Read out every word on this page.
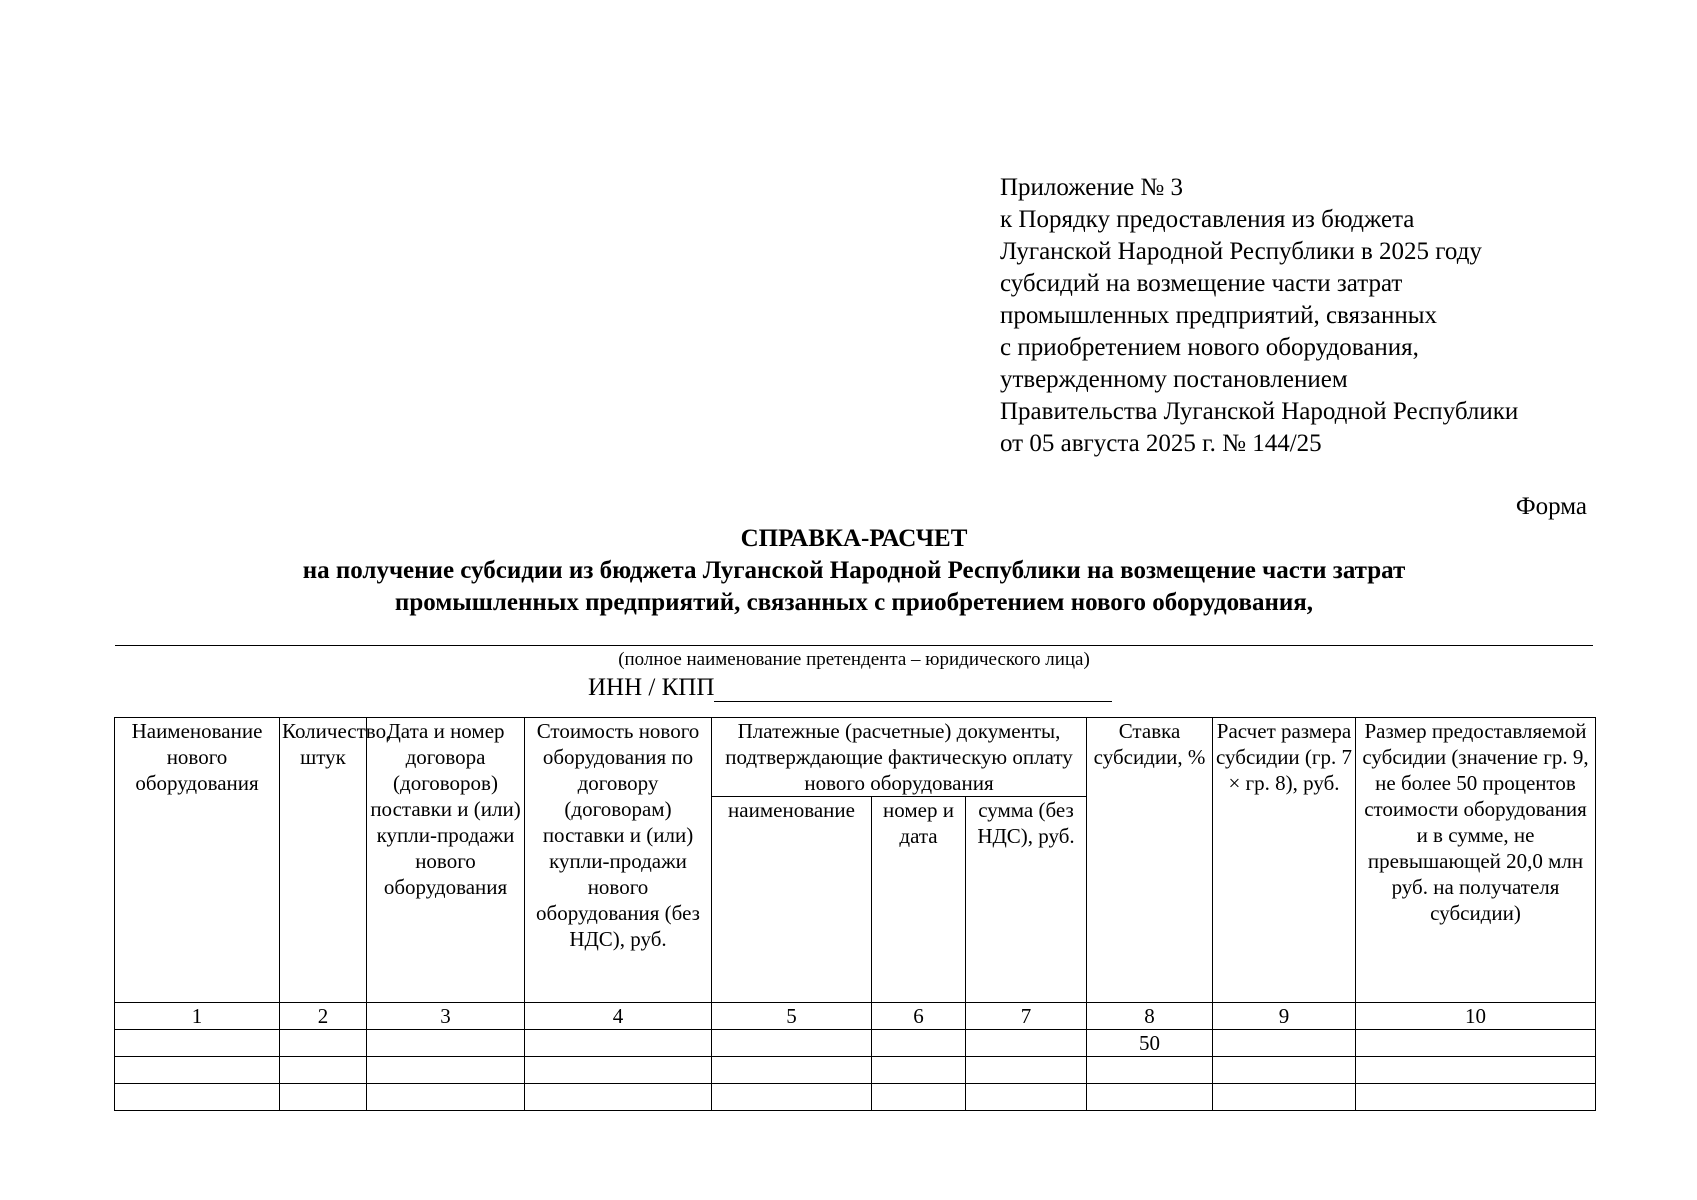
Приложение № 3
к Порядку предоставления из бюджета
Луганской Народной Республики в 2025 году
субсидий на возмещение части затрат
промышленных предприятий, связанных
с приобретением нового оборудования,
утвержденному постановлением
Правительства Луганской Народной Республики
от 05 августа 2025 г. № 144/25
Форма
СПРАВКА-РАСЧЕТ
на получение субсидии из бюджета Луганской Народной Республики на возмещение части затрат
промышленных предприятий, связанных с приобретением нового оборудования,
(полное наименование претендента – юридического лица)
ИНН / КПП
Наименование нового оборудования	Количество, штук	Дата и номер договора (договоров) поставки и (или) купли-продажи нового оборудования	Стоимость нового оборудования по договору (договорам) поставки и (или) купли-продажи нового оборудования (без НДС), руб.	Платежные (расчетные) документы, подтверждающие фактическую оплату нового оборудования			Ставка субсидии, %	Расчет размера субсидии (гр. 7 × гр. 8), руб.	Размер предоставляемой субсидии (значение гр. 9, не более 50 процентов стоимости оборудования и в сумме, не превышающей 20,0 млн руб. на получателя субсидии)
				наименование	номер и дата	сумма (без НДС), руб.			
1	2	3	4	5	6	7	8	9	10
							50		
